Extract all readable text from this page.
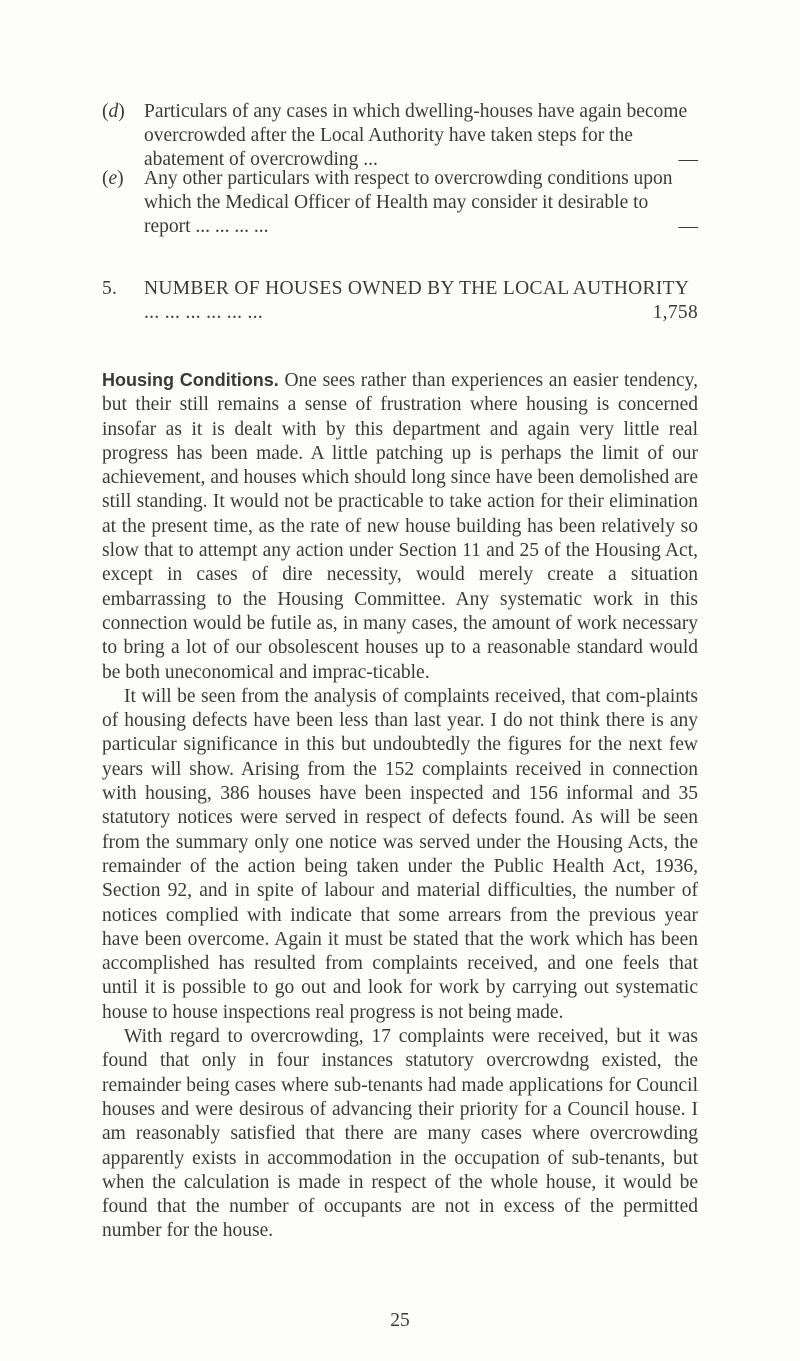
(d) Particulars of any cases in which dwelling-houses have again become overcrowded after the Local Authority have taken steps for the abatement of overcrowding ...	—
(e) Any other particulars with respect to overcrowding conditions upon which the Medical Officer of Health may consider it desirable to report ... ... ... ...	—
5. NUMBER OF HOUSES OWNED BY THE LOCAL AUTHORITY ... ... ... ... ... ...	1,758

Housing Conditions. One sees rather than experiences an easier tendency, but their still remains a sense of frustration where housing is concerned insofar as it is dealt with by this department and again very little real progress has been made. A little patching up is perhaps the limit of our achievement, and houses which should long since have been demolished are still standing. It would not be practicable to take action for their elimination at the present time, as the rate of new house building has been relatively so slow that to attempt any action under Section 11 and 25 of the Housing Act, except in cases of dire necessity, would merely create a situation embarrassing to the Housing Committee. Any systematic work in this connection would be futile as, in many cases, the amount of work necessary to bring a lot of our obsolescent houses up to a reasonable standard would be both uneconomical and imprac-ticable.

It will be seen from the analysis of complaints received, that com-plaints of housing defects have been less than last year. I do not think there is any particular significance in this but undoubtedly the figures for the next few years will show. Arising from the 152 complaints received in connection with housing, 386 houses have been inspected and 156 informal and 35 statutory notices were served in respect of defects found. As will be seen from the summary only one notice was served under the Housing Acts, the remainder of the action being taken under the Public Health Act, 1936, Section 92, and in spite of labour and material difficulties, the number of notices complied with indicate that some arrears from the previous year have been overcome. Again it must be stated that the work which has been accomplished has resulted from complaints received, and one feels that until it is possible to go out and look for work by carrying out systematic house to house inspections real progress is not being made.

With regard to overcrowding, 17 complaints were received, but it was found that only in four instances statutory overcrowdng existed, the remainder being cases where sub-tenants had made applications for Council houses and were desirous of advancing their priority for a Council house. I am reasonably satisfied that there are many cases where overcrowding apparently exists in accommodation in the occupation of sub-tenants, but when the calculation is made in respect of the whole house, it would be found that the number of occupants are not in excess of the permitted number for the house.

25
